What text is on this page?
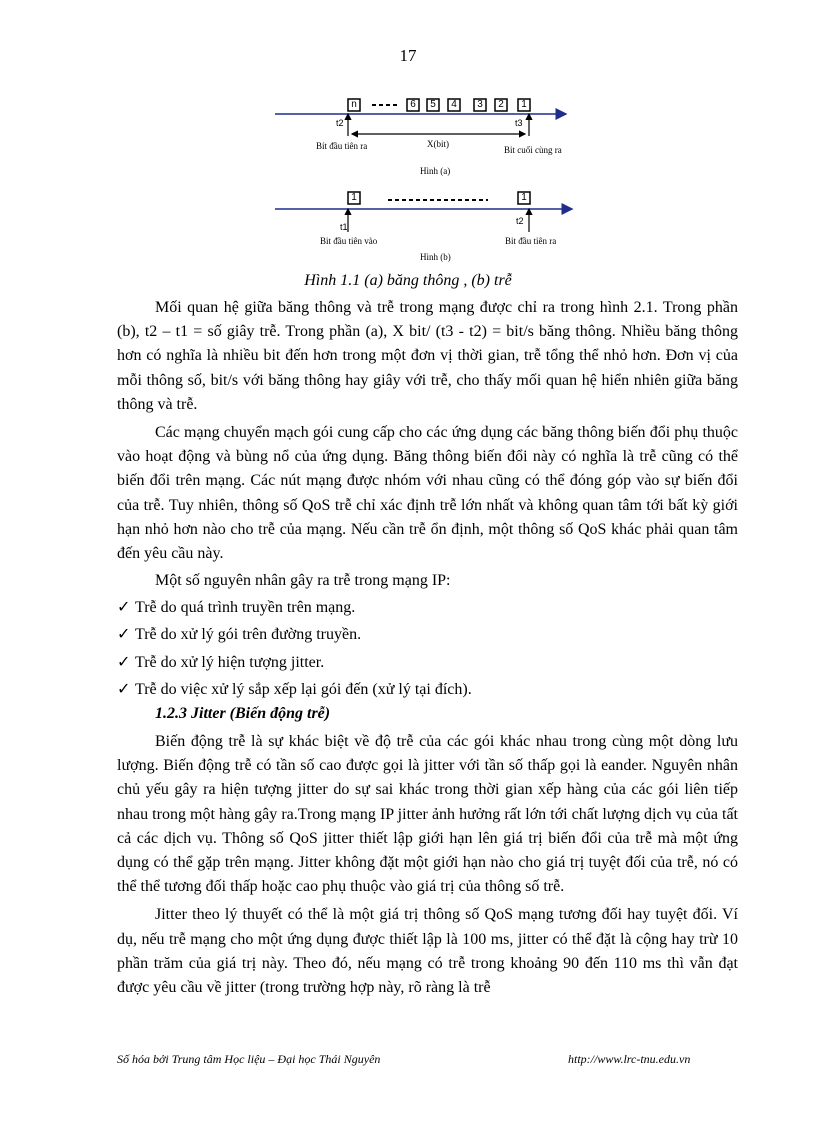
17
n	6	5	4	3	2	1
t2	t3
X(bit)
Bít đầu tiên ra	Bit cuối cùng ra
Hình (a)
1	1
t1
t2
Bit đầu tiên vào	Bit đầu tiên ra
Hình (b)
Hình 1.1 (a) băng thông , (b) trễ

Mối quan hệ giữa băng thông và trễ trong mạng được chỉ ra trong hình 2.1. Trong phần (b), t2 – t1 = số giây trễ. Trong phần (a), X bit/ (t3 - t2) = bit/s băng thông. Nhiều băng thông hơn có nghĩa là nhiều bit đến hơn trong một đơn vị thời gian, trễ tổng thể nhỏ hơn. Đơn vị của mỗi thông số, bit/s với băng thông hay giây với trễ, cho thấy mối quan hệ hiển nhiên giữa băng thông và trễ.

Các mạng chuyển mạch gói cung cấp cho các ứng dụng các băng thông biến đổi phụ thuộc vào hoạt động và bùng nổ của ứng dụng. Băng thông biến đổi này có nghĩa là trễ cũng có thể biến đổi trên mạng. Các nút mạng được nhóm với nhau cũng có thể đóng góp vào sự biến đổi của trễ. Tuy nhiên, thông số QoS trễ chỉ xác định trễ lớn nhất và không quan tâm tới bất kỳ giới hạn nhỏ hơn nào cho trễ của mạng. Nếu cần trễ ổn định, một thông số QoS khác phải quan tâm đến yêu cầu này.

Một số nguyên nhân gây ra trễ trong mạng IP:
✓ Trễ do quá trình truyền trên mạng.
✓ Trễ do xử lý gói trên đường truyền.
✓ Trễ do xử lý hiện tượng jitter.
✓ Trễ do việc xử lý sắp xếp lại gói đến (xử lý tại đích).
1.2.3 Jitter (Biến động trễ)

Biến động trễ là sự khác biệt về độ trễ của các gói khác nhau trong cùng một dòng lưu lượng. Biến động trễ có tần số cao được gọi là jitter với tần số thấp gọi là eander. Nguyên nhân chủ yếu gây ra hiện tượng jitter do sự sai khác trong thời gian xếp hàng của các gói liên tiếp nhau trong một hàng gây ra.Trong mạng IP jitter ảnh hưởng rất lớn tới chất lượng dịch vụ của tất cả các dịch vụ. Thông số QoS jitter thiết lập giới hạn lên giá trị biến đổi của trễ mà một ứng dụng có thể gặp trên mạng. Jitter không đặt một giới hạn nào cho giá trị tuyệt đối của trễ, nó có thể thể tương đối thấp hoặc cao phụ thuộc vào giá trị của thông số trễ.

Jitter theo lý thuyết có thể là một giá trị thông số QoS mạng tương đối hay tuyệt đối. Ví dụ, nếu trễ mạng cho một ứng dụng được thiết lập là 100 ms, jitter có thể đặt là cộng hay trừ 10 phần trăm của giá trị này. Theo đó, nếu mạng có trễ trong khoảng 90 đến 110 ms thì vẫn đạt được yêu cầu về jitter (trong trường hợp này, rõ ràng là trễ

Số hóa bởi Trung tâm Học liệu – Đại học Thái Nguyên	http://www.lrc-tnu.edu.vn
